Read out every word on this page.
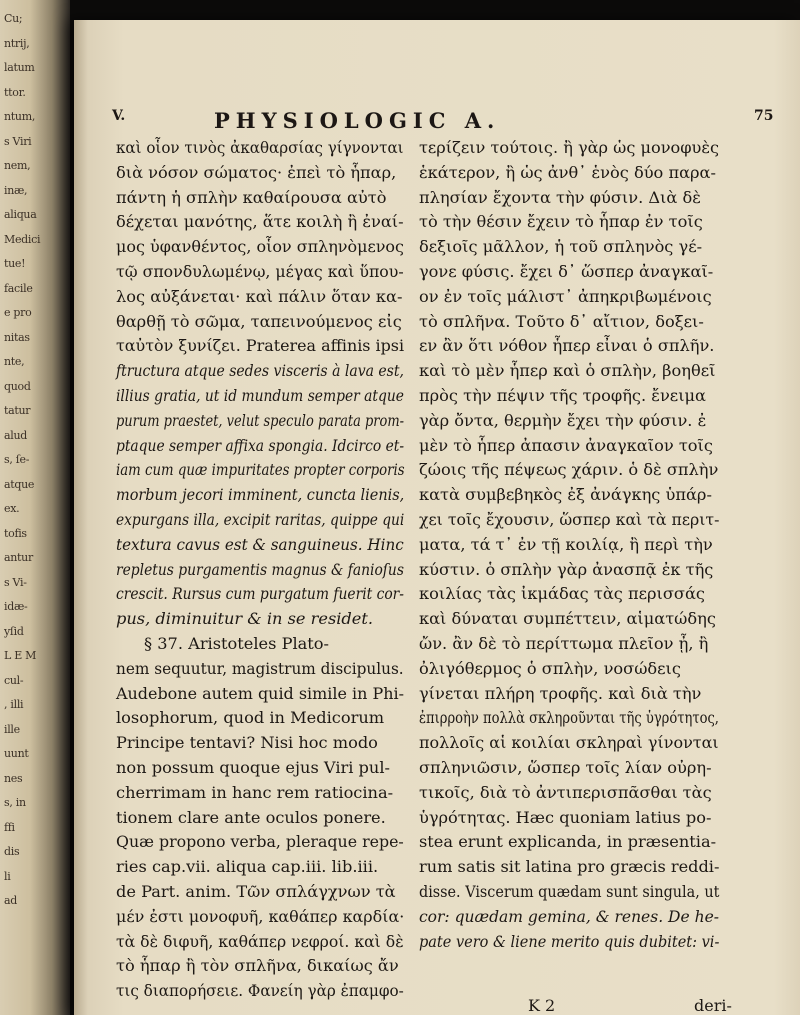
Cu;
ntrij,
latum
ttor.
ntum,
s Viri
nem,
inæ,
aliqua
Medici
tue!
facile
e pro
nitas
nte,
quod
tatur
alud
s, ſe-
atque
ex.
tofis
antur
s Vi-
idæ-
yſid
L E M
cul-
, illi
ille
uunt
nes
s, in
ffi
dis
li
ad
V.	PHYSIOLOGIC A.	75
καὶ οἷον τινὸς ἀκαθαρσίας γίγνονται
διὰ νόσον σώματος· ἐπεὶ τὸ ἧπαρ,
πάντη ἡ σπλὴν καθαίρουσα αὐτὸ
δέχεται μανότης, ἅτε κοιλὴ ἢ ἐναί-
μος ὑφανθέντος, οἷον σπληνὸμενος
τῷ σπονδυλωμένῳ, μέγας καὶ ὕπου-
λος αὐξάνεται· καὶ πάλιν ὅταν κα-
θαρθῇ τὸ σῶμα, ταπεινούμενος εἰς
ταὐτὸν ξυνίζει. Praterea affinis ipsi
ftructura atque sedes visceris à lava est,
illius gratia, ut id mundum semper atque
purum praestet, velut speculo parata prom-
ptaque semper affixa spongia. Idcirco et-
iam cum quæ impuritates propter corporis
morbum jecori imminent, cuncta lienis,
expurgans illa, excipit raritas, quippe qui
textura cavus est & sanguineus. Hinc
repletus purgamentis magnus & fanioſus
crescit. Rursus cum purgatum fuerit cor-
pus, diminuitur & in se residet.
§ 37. Aristoteles Plato-
nem sequutur, magistrum discipulus.
Audebone autem quid simile in Phi-
losophorum, quod in Medicorum
Principe tentavi? Nisi hoc modo
non possum quoque ejus Viri pul-
cherrimam in hanc rem ratiocina-
tionem clare ante oculos ponere.
Quæ propono verba, pleraque repe-
ries cap.vii. aliqua cap.iii. lib.iii.
de Part. anim. Τῶν σπλάγχνων τὰ
μέν ἐστι μονοφυῆ, καθάπερ καρδία·
τὰ δὲ διφυῆ, καθάπερ νεφροί. καὶ δὲ
τὸ ἧπαρ ἢ τὸν σπλῆνα, δικαίως ἄν
τις διαπορήσειε. Φανείη γὰρ ἐπαμφο-
τερίζειν τούτοις. ἢ γὰρ ὡς μονοφυὲς
ἑκάτερον, ἢ ὡς ἀνθ᾽ ἑνὸς δύο παρα-
πλησίαν ἔχοντα τὴν φύσιν. Διὰ δὲ
τὸ τὴν θέσιν ἔχειν τὸ ἧπαρ ἐν τοῖς
δεξιοῖς μᾶλλον, ἡ τοῦ σπληνὸς γέ-
γονε φύσις. ἔχει δ᾽ ὥσπερ ἀναγκαῖ-
ον ἐν τοῖς μάλιστ᾽ ἀπηκριβωμένοις
τὸ σπλῆνα. Τοῦτο δ᾽ αἴτιον, δοξει-
εν ἂν ὅτι νόθον ἧπερ εἶναι ὁ σπλῆν.
καὶ τὸ μὲν ἧπερ καὶ ὁ σπλὴν, βοηθεῖ
πρὸς τὴν πέψιν τῆς τροφῆς. ἔνειμα
γὰρ ὄντα, θερμὴν ἔχει τὴν φύσιν. ἐ
μὲν τὸ ἧπερ ἀπασιν ἀναγκαῖον τοῖς
ζώοις τῆς πέψεως χάριν. ὁ δὲ σπλὴν
κατὰ συμβεβηκὸς ἐξ ἀνάγκης ὑπάρ-
χει τοῖς ἔχουσιν, ὥσπερ καὶ τὰ περιτ-
ματα, τά τ᾽ ἐν τῇ κοιλίᾳ, ἢ περὶ τὴν
κύστιν. ὁ σπλὴν γὰρ ἀνασπᾷ ἐκ τῆς
κοιλίας τὰς ἰκμάδας τὰς περισσάς
καὶ δύναται συμπέττειν, αἱματώδης
ὤν. ἂν δὲ τὸ περίττωμα πλεῖον ᾖ, ἢ
ὀλιγόθερμος ὁ σπλὴν, νοσώδεις
γίνεται πλήρη τροφῆς. καὶ διὰ τὴν
ἐπιρροὴν πολλὰ σκληροῦνται τῆς ὑγρότητος,
πολλοῖς αἱ κοιλίαι σκληραὶ γίνονται
σπληνιῶσιν, ὥσπερ τοῖς λίαν οὐρη-
τικοῖς, διὰ τὸ ἀντιπερισπᾶσθαι τὰς
ὑγρότητας. Hæc quoniam latius po-
stea erunt explicanda, in præsentia-
rum satis sit latina pro græcis reddi-
disse. Viscerum quædam sunt singula, ut
cor: quædam gemina, & renes. De he-
pate vero & liene merito quis dubitet: vi-
K 2	deri-
